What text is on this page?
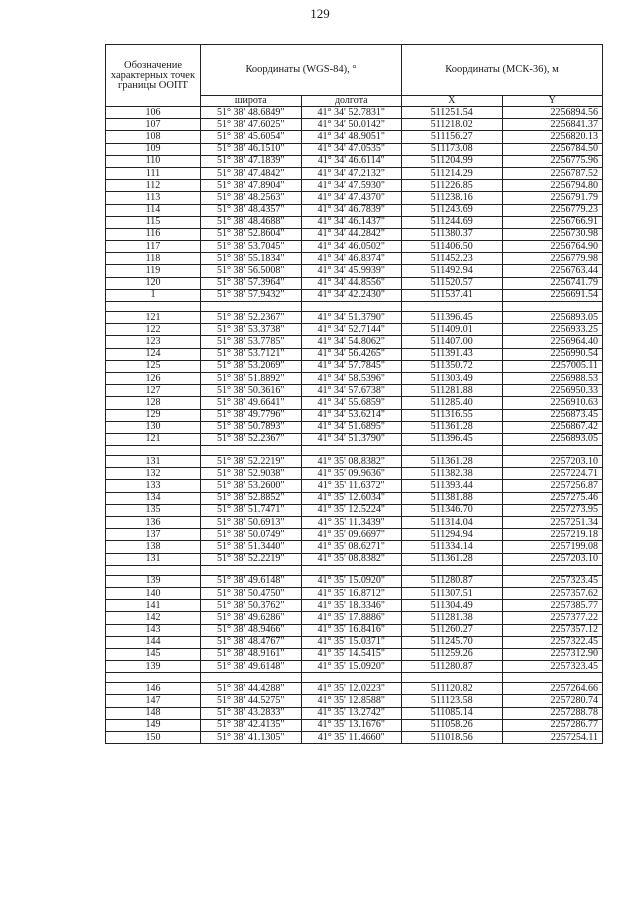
129
Обозначение характерных точек границы ООПТ	Координаты (WGS-84), °		Координаты (МСК-36), м	
	широта	долгота	X	Y
106	51° 38' 48.6849"	41° 34' 52.7831"	511251.54	2256894.56
107	51° 38' 47.6025"	41° 34' 50.0142"	511218.02	2256841.37
108	51° 38' 45.6054"	41° 34' 48.9051"	511156.27	2256820.13
109	51° 38' 46.1510"	41° 34' 47.0535"	511173.08	2256784.50
110	51° 38' 47.1839"	41° 34' 46.6114"	511204.99	2256775.96
111	51° 38' 47.4842"	41° 34' 47.2132"	511214.29	2256787.52
112	51° 38' 47.8904"	41° 34' 47.5930"	511226.85	2256794.80
113	51° 38' 48.2563"	41° 34' 47.4370"	511238.16	2256791.79
114	51° 38' 48.4357"	41° 34' 46.7839"	511243.69	2256779.23
115	51° 38' 48.4688"	41° 34' 46.1437"	511244.69	2256766.91
116	51° 38' 52.8604"	41° 34' 44.2842"	511380.37	2256730.98
117	51° 38' 53.7045"	41° 34' 46.0502"	511406.50	2256764.90
118	51° 38' 55.1834"	41° 34' 46.8374"	511452.23	2256779.98
119	51° 38' 56.5008"	41° 34' 45.9939"	511492.94	2256763.44
120	51° 38' 57.3964"	41° 34' 44.8556"	511520.57	2256741.79
1	51° 38' 57.9432"	41° 34' 42.2430"	511537.41	2256691.54

121	51° 38' 52.2367"	41° 34' 51.3790"	511396.45	2256893.05
122	51° 38' 53.3738"	41° 34' 52.7144"	511409.01	2256933.25
123	51° 38' 53.7785"	41° 34' 54.8062"	511407.00	2256964.40
124	51° 38' 53.7121"	41° 34' 56.4265"	511391.43	2256990.54
125	51° 38' 53.2069"	41° 34' 57.7845"	511350.72	2257005.11
126	51° 38' 51.8892"	41° 34' 58.5396"	511303.49	2256988.53
127	51° 38' 50.3616"	41° 34' 57.6738"	511281.88	2256950.33
128	51° 38' 49.6641"	41° 34' 55.6859"	511285.40	2256910.63
129	51° 38' 49.7796"	41° 34' 53.6214"	511316.55	2256873.45
130	51° 38' 50.7893"	41° 34' 51.6895"	511361.28	2256867.42
121	51° 38' 52.2367"	41° 34' 51.3790"	511396.45	2256893.05

131	51° 38' 52.2219"	41° 35' 08.8382"	511361.28	2257203.10
132	51° 38' 52.9038"	41° 35' 09.9636"	511382.38	2257224.71
133	51° 38' 53.2600"	41° 35' 11.6372"	511393.44	2257256.87
134	51° 38' 52.8852"	41° 35' 12.6034"	511381.88	2257275.46
135	51° 38' 51.7471"	41° 35' 12.5224"	511346.70	2257273.95
136	51° 38' 50.6913"	41° 35' 11.3439"	511314.04	2257251.34
137	51° 38' 50.0749"	41° 35' 09.6697"	511294.94	2257219.18
138	51° 38' 51.3440"	41° 35' 08.6271"	511334.14	2257199.08
131	51° 38' 52.2219"	41° 35' 08.8382"	511361.28	2257203.10

139	51° 38' 49.6148"	41° 35' 15.0920"	511280.87	2257323.45
140	51° 38' 50.4750"	41° 35' 16.8712"	511307.51	2257357.62
141	51° 38' 50.3762"	41° 35' 18.3346"	511304.49	2257385.77
142	51° 38' 49.6286"	41° 35' 17.8886"	511281.38	2257377.22
143	51° 38' 48.9466"	41° 35' 16.8416"	511260.27	2257357.12
144	51° 38' 48.4767"	41° 35' 15.0371"	511245.70	2257322.45
145	51° 38' 48.9161"	41° 35' 14.5415"	511259.26	2257312.90
139	51° 38' 49.6148"	41° 35' 15.0920"	511280.87	2257323.45

146	51° 38' 44.4288"	41° 35' 12.0223"	511120.82	2257264.66
147	51° 38' 44.5275"	41° 35' 12.8588"	511123.58	2257280.74
148	51° 38' 43.2833"	41° 35' 13.2742"	511085.14	2257288.78
149	51° 38' 42.4135"	41° 35' 13.1676"	511058.26	2257286.77
150	51° 38' 41.1305"	41° 35' 11.4660"	511018.56	2257254.11
